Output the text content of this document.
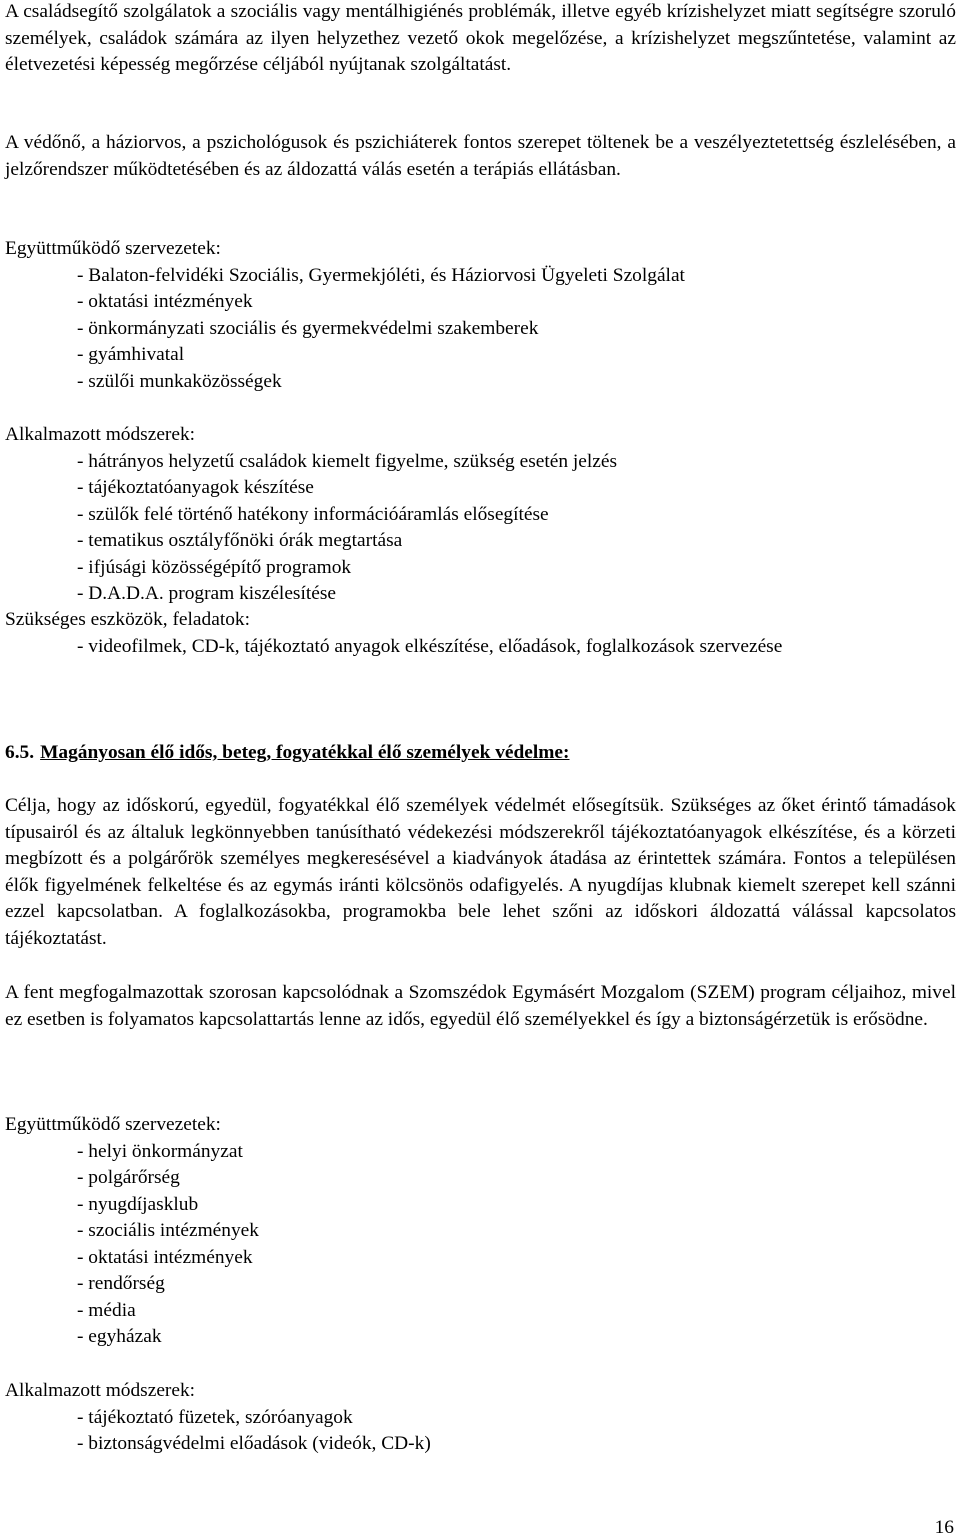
A családsegítő szolgálatok a szociális vagy mentálhigiénés problémák, illetve egyéb krízishelyzet miatt segítségre szoruló személyek, családok számára az ilyen helyzethez vezető okok megelőzése, a krízishelyzet megszűntetése, valamint az életvezetési képesség megőrzése céljából nyújtanak szolgáltatást.

A védőnő, a háziorvos, a pszichológusok és pszichiáterek fontos szerepet töltenek be a veszélyeztetettség észlelésében, a jelzőrendszer működtetésében és az áldozattá válás esetén a terápiás ellátásban.

Együttműködő szervezetek:

- Balaton-felvidéki Szociális, Gyermekjóléti, és Háziorvosi Ügyeleti Szolgálat
- oktatási intézmények
- önkormányzati szociális és gyermekvédelmi szakemberek
- gyámhivatal
- szülői munkaközösségek

Alkalmazott módszerek:

- hátrányos helyzetű családok kiemelt figyelme, szükség esetén jelzés
- tájékoztatóanyagok készítése
- szülők felé történő hatékony információáramlás elősegítése
- tematikus osztályfőnöki órák megtartása
- ifjúsági közösségépítő programok
- D.A.D.A. program kiszélesítése

Szükséges eszközök, feladatok:

- videofilmek, CD-k, tájékoztató anyagok elkészítése, előadások, foglalkozások szervezése

6.5. Magányosan élő idős, beteg, fogyatékkal élő személyek védelme:

Célja, hogy az időskorú, egyedül, fogyatékkal élő személyek védelmét elősegítsük. Szükséges az őket érintő támadások típusairól és az általuk legkönnyebben tanúsítható védekezési módszerekről tájékoztatóanyagok elkészítése, és a körzeti megbízott és a polgárőrök személyes megkeresésével a kiadványok átadása az érintettek számára. Fontos a településen élők figyelmének felkeltése és az egymás iránti kölcsönös odafigyelés. A nyugdíjas klubnak kiemelt szerepet kell szánni ezzel kapcsolatban. A foglalkozásokba, programokba bele lehet szőni az időskori áldozattá válással kapcsolatos tájékoztatást.

A fent megfogalmazottak szorosan kapcsolódnak a Szomszédok Egymásért Mozgalom (SZEM) program céljaihoz, mivel ez esetben is folyamatos kapcsolattartás lenne az idős, egyedül élő személyekkel és így a biztonságérzetük is erősödne.

Együttműködő szervezetek:

- helyi önkormányzat
- polgárőrség
- nyugdíjasklub
- szociális intézmények
- oktatási intézmények
- rendőrség
- média
- egyházak

Alkalmazott módszerek:

- tájékoztató füzetek, szóróanyagok
- biztonságvédelmi előadások (videók, CD-k)

16
